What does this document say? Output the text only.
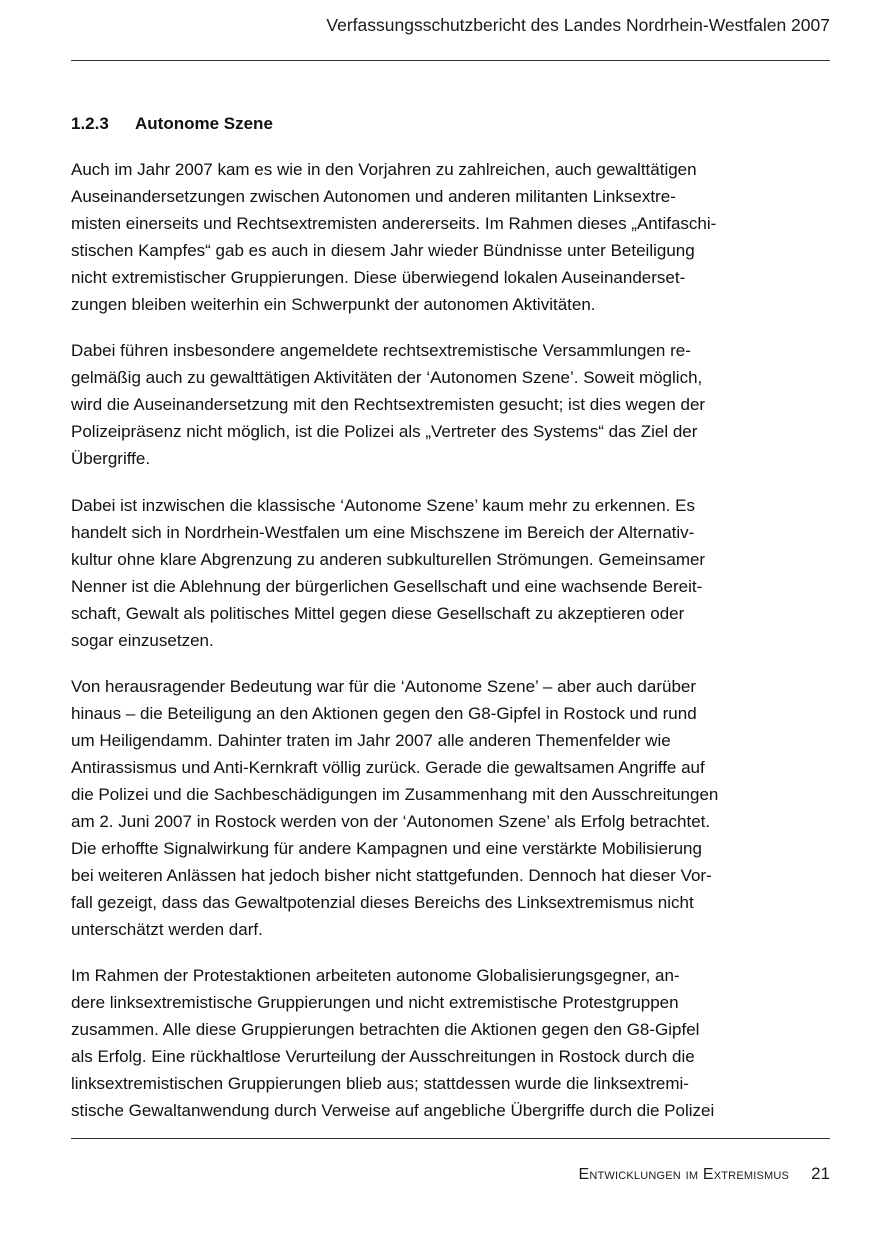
Verfassungsschutzbericht des Landes Nordrhein-Westfalen 2007
1.2.3 Autonome Szene

Auch im Jahr 2007 kam es wie in den Vorjahren zu zahlreichen, auch gewalttätigen
Auseinandersetzungen zwischen Autonomen und anderen militanten Linksextre-
misten einerseits und Rechtsextremisten andererseits. Im Rahmen dieses „Antifaschi-
stischen Kampfes“ gab es auch in diesem Jahr wieder Bündnisse unter Beteiligung
nicht extremistischer Gruppierungen. Diese überwiegend lokalen Auseinanderset-
zungen bleiben weiterhin ein Schwerpunkt der autonomen Aktivitäten.

Dabei führen insbesondere angemeldete rechtsextremistische Versammlungen re-
gelmäßig auch zu gewalttätigen Aktivitäten der ‘Autonomen Szene’. Soweit möglich,
wird die Auseinandersetzung mit den Rechtsextremisten gesucht; ist dies wegen der
Polizeipräsenz nicht möglich, ist die Polizei als „Vertreter des Systems“ das Ziel der
Übergriffe.

Dabei ist inzwischen die klassische ‘Autonome Szene’ kaum mehr zu erkennen. Es
handelt sich in Nordrhein-Westfalen um eine Mischszene im Bereich der Alternativ-
kultur ohne klare Abgrenzung zu anderen subkulturellen Strömungen. Gemeinsamer
Nenner ist die Ablehnung der bürgerlichen Gesellschaft und eine wachsende Bereit-
schaft, Gewalt als politisches Mittel gegen diese Gesellschaft zu akzeptieren oder
sogar einzusetzen.

Von herausragender Bedeutung war für die ‘Autonome Szene’ – aber auch darüber
hinaus – die Beteiligung an den Aktionen gegen den G8-Gipfel in Rostock und rund
um Heiligendamm. Dahinter traten im Jahr 2007 alle anderen Themenfelder wie
Antirassismus und Anti-Kernkraft völlig zurück. Gerade die gewaltsamen Angriffe auf
die Polizei und die Sachbeschädigungen im Zusammenhang mit den Ausschreitungen
am 2. Juni 2007 in Rostock werden von der ‘Autonomen Szene’ als Erfolg betrachtet.
Die erhoffte Signalwirkung für andere Kampagnen und eine verstärkte Mobilisierung
bei weiteren Anlässen hat jedoch bisher nicht stattgefunden. Dennoch hat dieser Vor-
fall gezeigt, dass das Gewaltpotenzial dieses Bereichs des Linksextremismus nicht
unterschätzt werden darf.

Im Rahmen der Protestaktionen arbeiteten autonome Globalisierungsgegner, an-
dere linksextremistische Gruppierungen und nicht extremistische Protestgruppen
zusammen. Alle diese Gruppierungen betrachten die Aktionen gegen den G8-Gipfel
als Erfolg. Eine rückhaltlose Verurteilung der Ausschreitungen in Rostock durch die
linksextremistischen Gruppierungen blieb aus; stattdessen wurde die linksextremi-
stische Gewaltanwendung durch Verweise auf angebliche Übergriffe durch die Polizei

Entwicklungen im Extremismus 21
